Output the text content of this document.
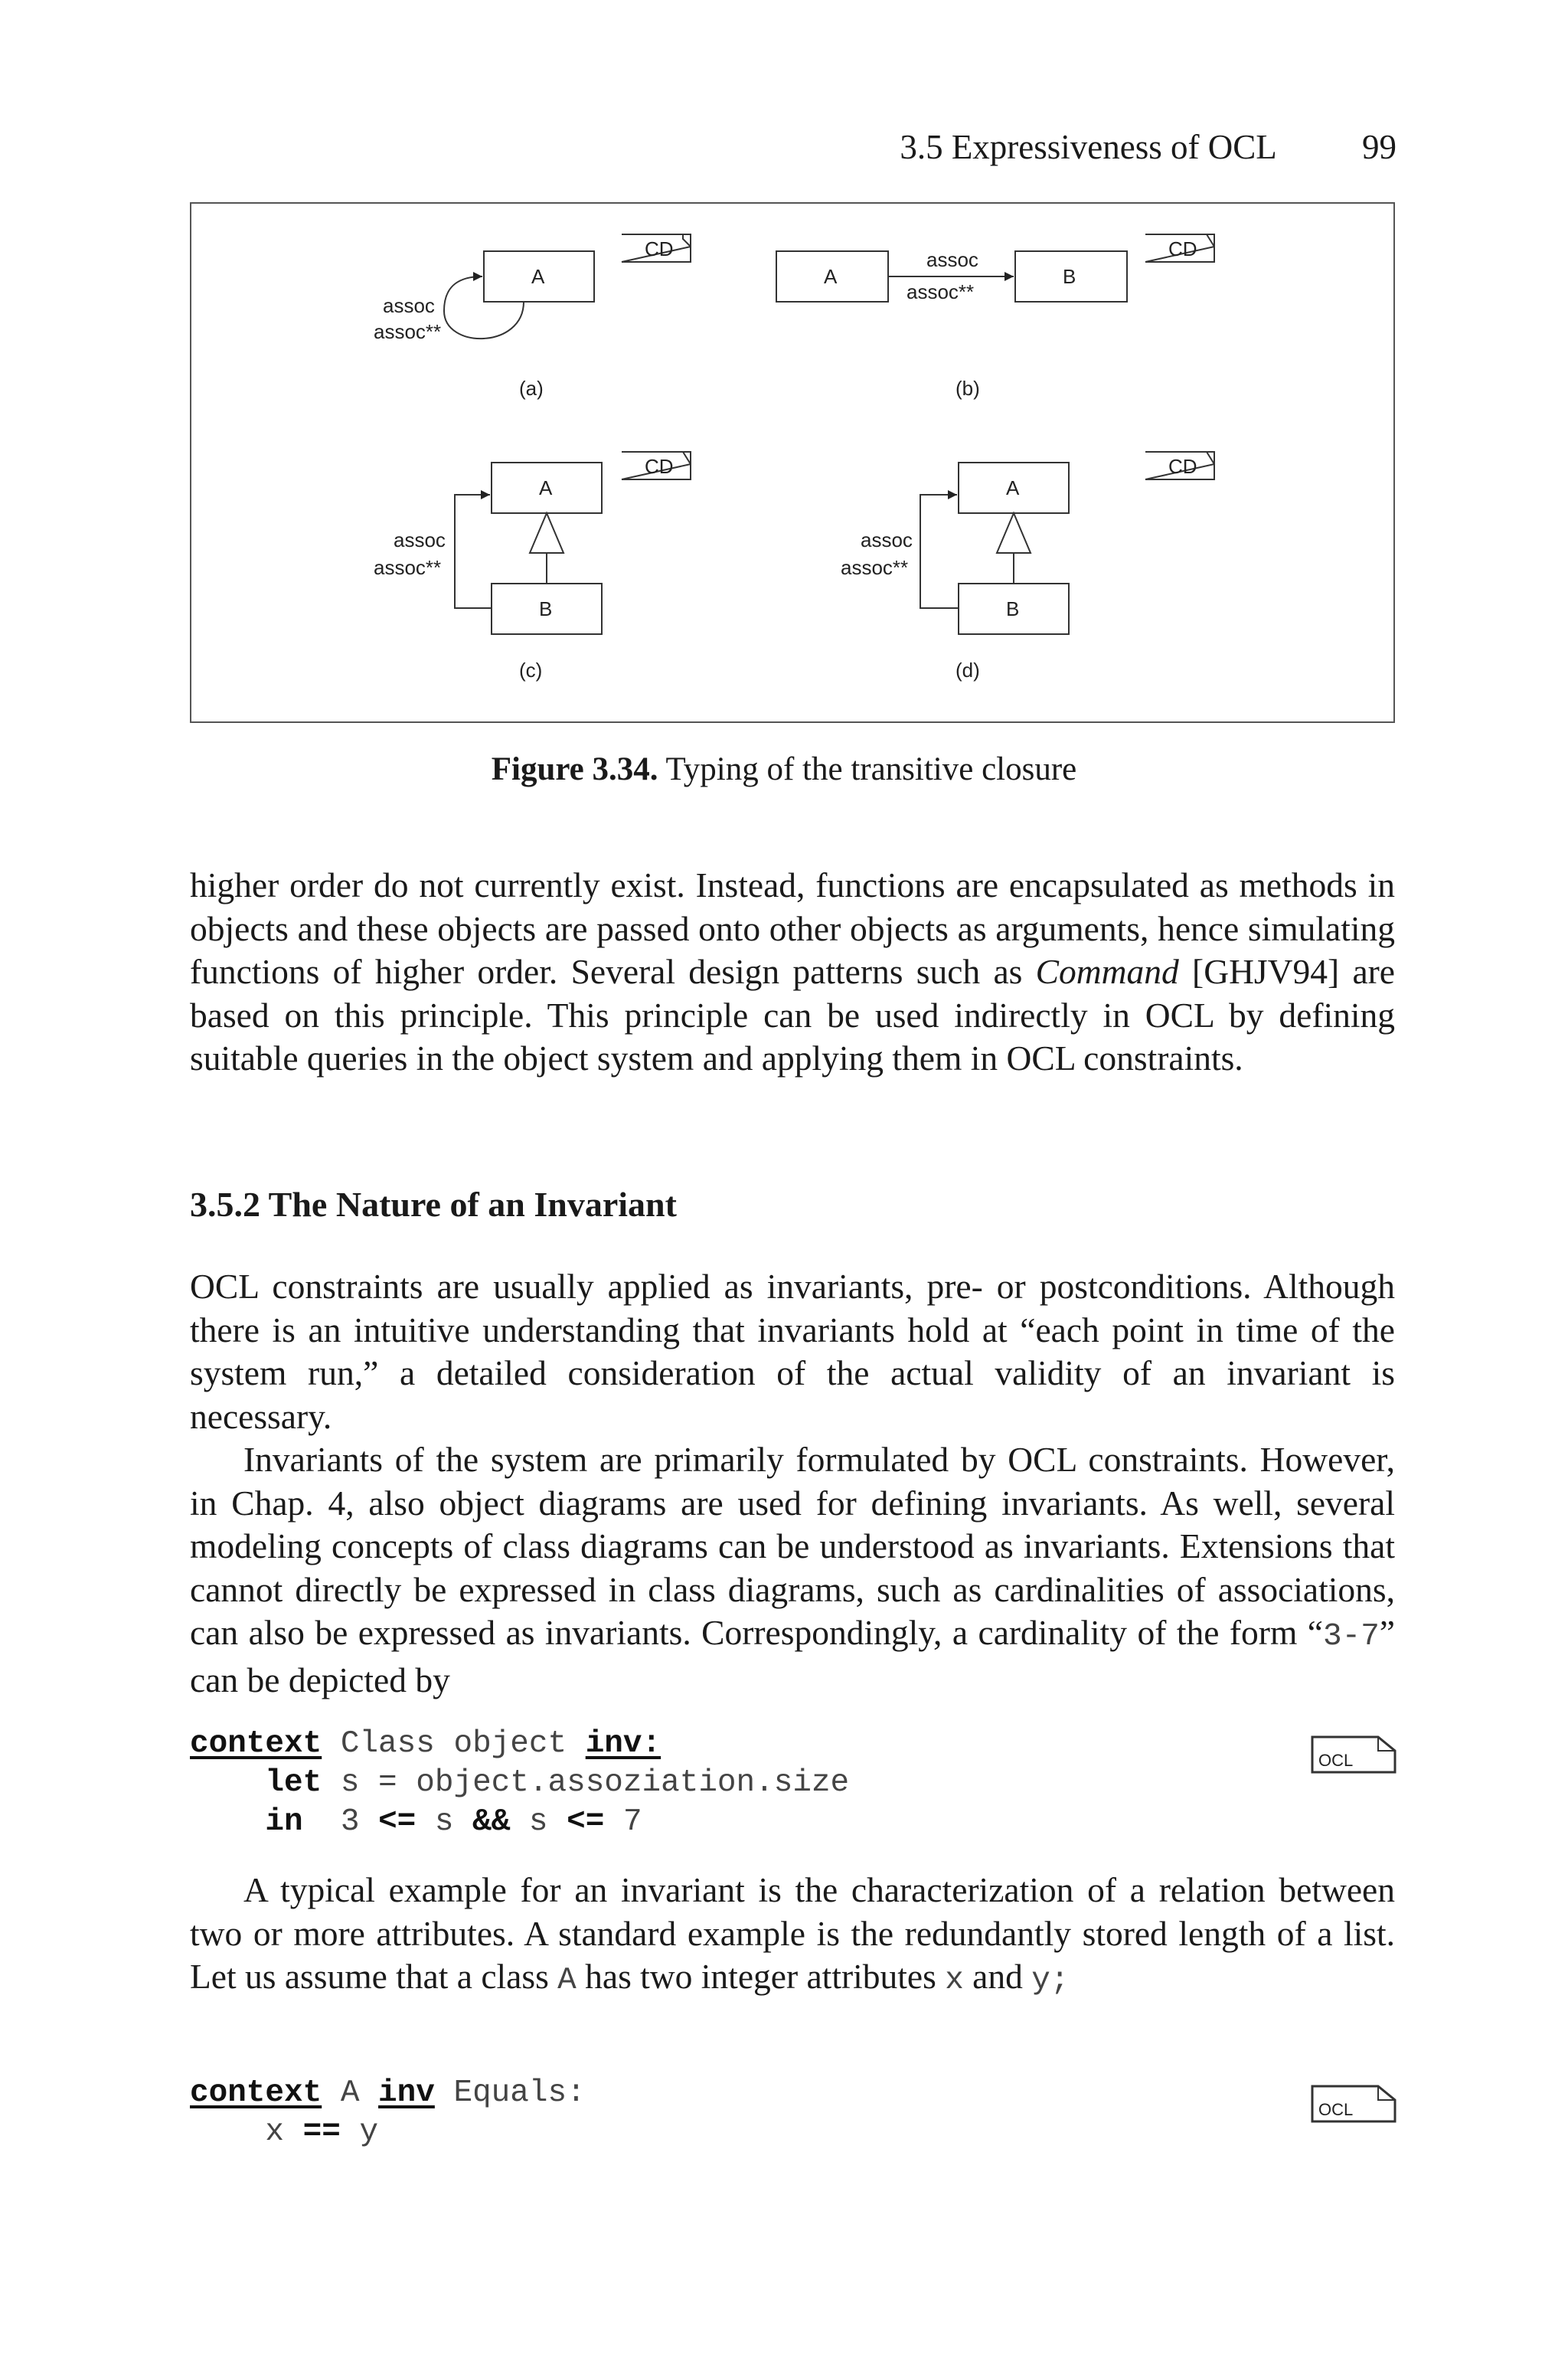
3.5 Expressiveness of OCL 99
CD	CD
CD	CD
A
assoc
assoc**
(a)
A	B
assoc
assoc**
(b)
A
B
assoc
assoc**
(c)
A
B
assoc
assoc**
(d)
Figure 3.34. Typing of the transitive closure

higher order do not currently exist. Instead, functions are encapsulated as methods in objects and these objects are passed onto other objects as arguments, hence simulating functions of higher order. Several design patterns such as Command [GHJV94] are based on this principle. This principle can be used indirectly in OCL by defining suitable queries in the object system and applying them in OCL constraints.

3.5.2 The Nature of an Invariant

OCL constraints are usually applied as invariants, pre- or postconditions. Although there is an intuitive understanding that invariants hold at “each point in time of the system run,” a detailed consideration of the actual validity of an invariant is necessary.

Invariants of the system are primarily formulated by OCL constraints. However, in Chap. 4, also object diagrams are used for defining invariants. As well, several modeling concepts of class diagrams can be understood as invariants. Extensions that cannot directly be expressed in class diagrams, such as cardinalities of associations, can also be expressed as invariants. Correspondingly, a cardinality of the form “3-7” can be depicted by

context Class object inv:
let s = object.assoziation.size
in  3 <= s && s <= 7
OCL

A typical example for an invariant is the characterization of a relation between two or more attributes. A standard example is the redundantly stored length of a list. Let us assume that a class A has two integer attributes x and y;

context A inv Equals:
x == y
OCL
